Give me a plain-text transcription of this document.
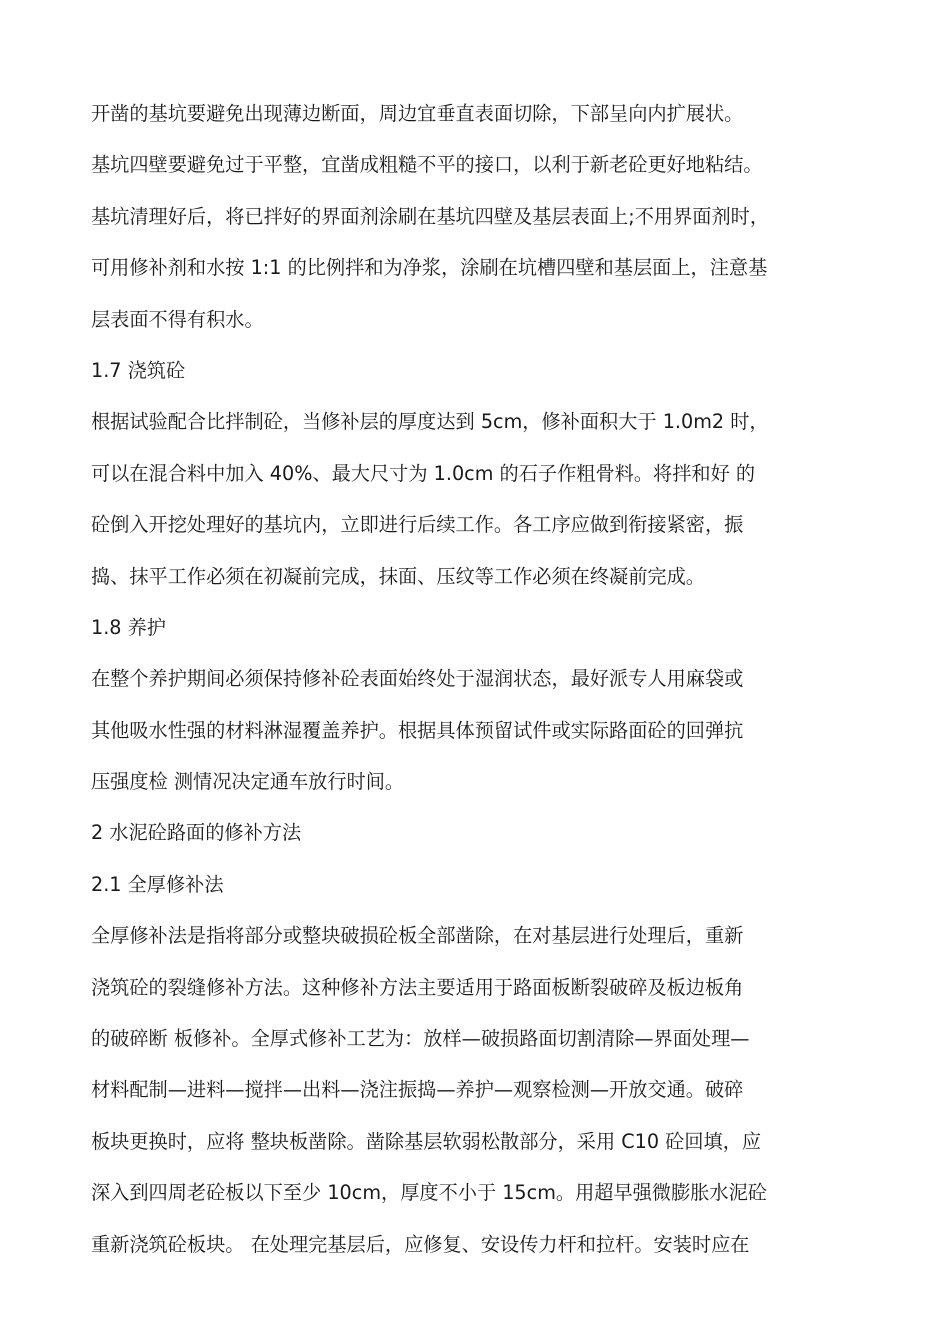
开凿的基坑要避免出现薄边断面，周边宜垂直表面切除，下部呈向内扩展状。
基坑四壁要避免过于平整，宜凿成粗糙不平的接口，以利于新老砼更好地粘结。
基坑清理好后，将已拌好的界面剂涂刷在基坑四壁及基层表面上;不用界面剂时，
可用修补剂和水按 1:1 的比例拌和为净浆，涂刷在坑槽四壁和基层面上，注意基
层表面不得有积水。
1.7 浇筑砼
根据试验配合比拌制砼，当修补层的厚度达到 5cm，修补面积大于 1.0m2 时，
可以在混合料中加入 40%、最大尺寸为 1.0cm 的石子作粗骨料。将拌和好 的
砼倒入开挖处理好的基坑内，立即进行后续工作。各工序应做到衔接紧密，振
捣、抹平工作必须在初凝前完成，抹面、压纹等工作必须在终凝前完成。
1.8 养护
在整个养护期间必须保持修补砼表面始终处于湿润状态，最好派专人用麻袋或
其他吸水性强的材料淋湿覆盖养护。根据具体预留试件或实际路面砼的回弹抗
压强度检 测情况决定通车放行时间。
2 水泥砼路面的修补方法
2.1 全厚修补法
全厚修补法是指将部分或整块破损砼板全部凿除，在对基层进行处理后，重新
浇筑砼的裂缝修补方法。这种修补方法主要适用于路面板断裂破碎及板边板角
的破碎断 板修补。全厚式修补工艺为：放样—破损路面切割清除—界面处理—
材料配制—进料—搅拌—出料—浇注振捣—养护—观察检测—开放交通。破碎
板块更换时，应将 整块板凿除。凿除基层软弱松散部分，采用 C10 砼回填，应
深入到四周老砼板以下至少 10cm，厚度不小于 15cm。用超早强微膨胀水泥砼
重新浇筑砼板块。 在处理完基层后，应修复、安设传力杆和拉杆。安装时应在
